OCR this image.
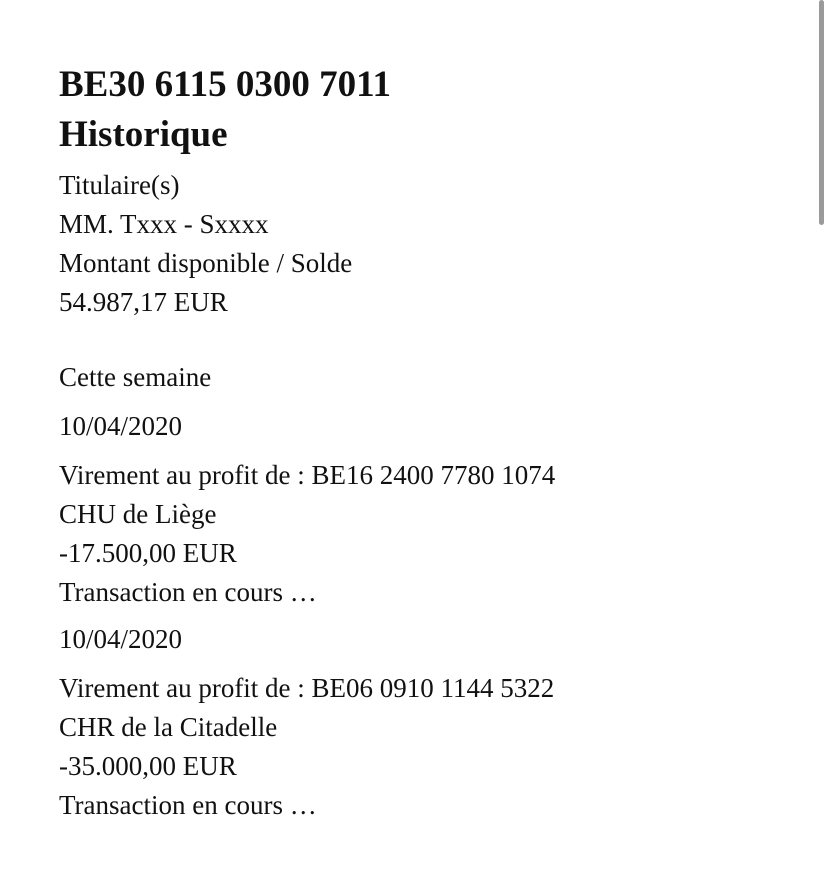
BE30 6115 0300 7011
Historique
Titulaire(s)
MM. Txxx - Sxxxx
Montant disponible / Solde
54.987,17 EUR
Cette semaine
10/04/2020
Virement au profit de : BE16 2400 7780 1074
CHU de Liège
-17.500,00 EUR
Transaction en cours …
10/04/2020
Virement au profit de : BE06 0910 1144 5322
CHR de la Citadelle
-35.000,00 EUR
Transaction en cours …
